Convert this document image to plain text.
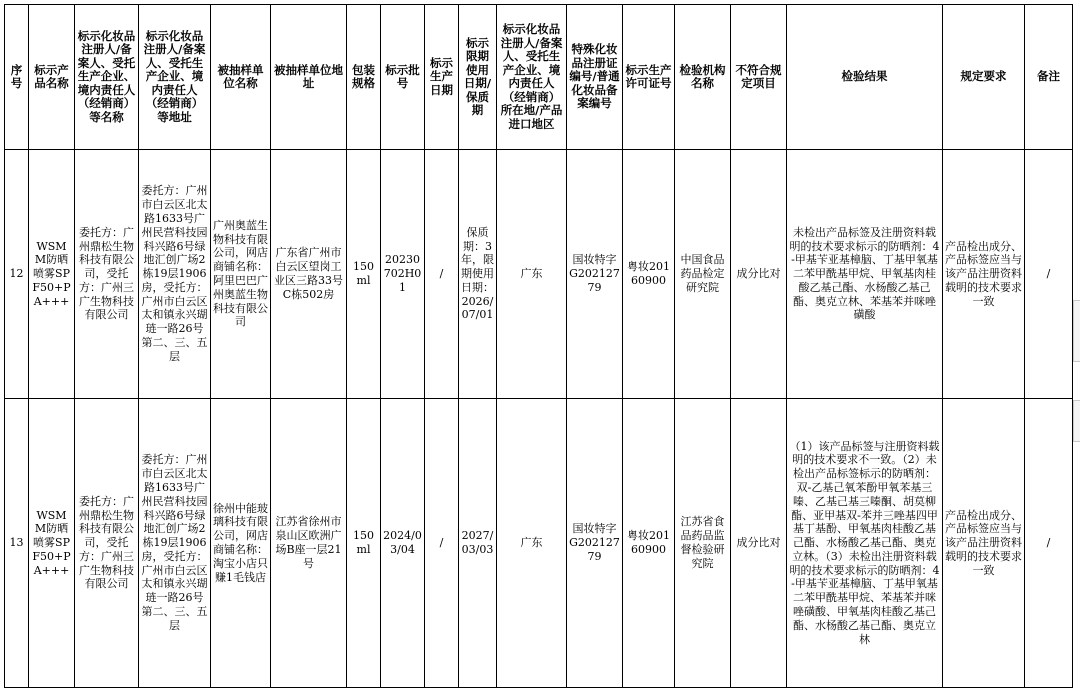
序号	标示产品名称	标示化妆品注册人/备案人、受托生产企业、境内责任人（经销商）等名称	标示化妆品注册人/备案人、受托生产企业、境内责任人（经销商）等地址	被抽样单位名称	被抽样单位地址	包装规格	标示批号	标示生产日期	标示限期使用日期/保质期	标示化妆品注册人/备案人、受托生产企业、境内责任人（经销商）所在地/产品进口地区	特殊化妆品注册证编号/普通化妆品备案编号	标示生产许可证号	检验机构名称	不符合规定项目	检验结果	规定要求	备注
12	WSMM防晒喷雾SPF50+PA+++	委托方：广州鼎松生物科技有限公司，受托方：广州三广生物科技有限公司	委托方：广州市白云区北太路1633号广州民营科技园科兴路6号绿地汇创广场2栋19层1906房，受托方：广州市白云区太和镇永兴瑚琏一路26号第二、三、五层	广州奥蓝生物科技有限公司，网店商铺名称：阿里巴巴广州奥蓝生物科技有限公司	广东省广州市白云区望岗工业区三路33号C栋502房	150ml	20230702H01	/	保质期：3年，限期使用日期：2026/07/01	广东	国妆特字G20212779	粤妆20160900	中国食品药品检定研究院	成分比对	未检出产品标签及注册资料载明的技术要求标示的防晒剂：4-甲基苄亚基樟脑、丁基甲氧基二苯甲酰基甲烷、甲氧基肉桂酸乙基己酯、水杨酸乙基己酯、奥克立林、苯基苯并咪唑磺酸	产品检出成分、产品标签应当与该产品注册资料载明的技术要求一致	/
13	WSMM防晒喷雾SPF50+PA+++	委托方：广州鼎松生物科技有限公司，受托方：广州三广生物科技有限公司	委托方：广州市白云区北太路1633号广州民营科技园科兴路6号绿地汇创广场2栋19层1906房，受托方：广州市白云区太和镇永兴瑚琏一路26号第二、三、五层	徐州中能玻璃科技有限公司，网店商铺名称：淘宝小店只赚1毛钱店	江苏省徐州市泉山区欧洲广场B座一层21号	150ml	2024/03/04	/	2027/03/03	广东	国妆特字G20212779	粤妆20160900	江苏省食品药品监督检验研究院	成分比对	（1）该产品标签与注册资料载明的技术要求不一致。（2）未检出产品标签标示的防晒剂：双-乙基己氧苯酚甲氧苯基三嗪、乙基己基三嗪酮、胡莫柳酯、亚甲基双-苯并三唑基四甲基丁基酚、甲氧基肉桂酸乙基己酯、水杨酸乙基己酯、奥克立林。（3）未检出注册资料载明的技术要求标示的防晒剂：4-甲基苄亚基樟脑、丁基甲氧基二苯甲酰基甲烷、苯基苯并咪唑磺酸、甲氧基肉桂酸乙基己酯、水杨酸乙基己酯、奥克立林	产品检出成分、产品标签应当与该产品注册资料载明的技术要求一致	/
